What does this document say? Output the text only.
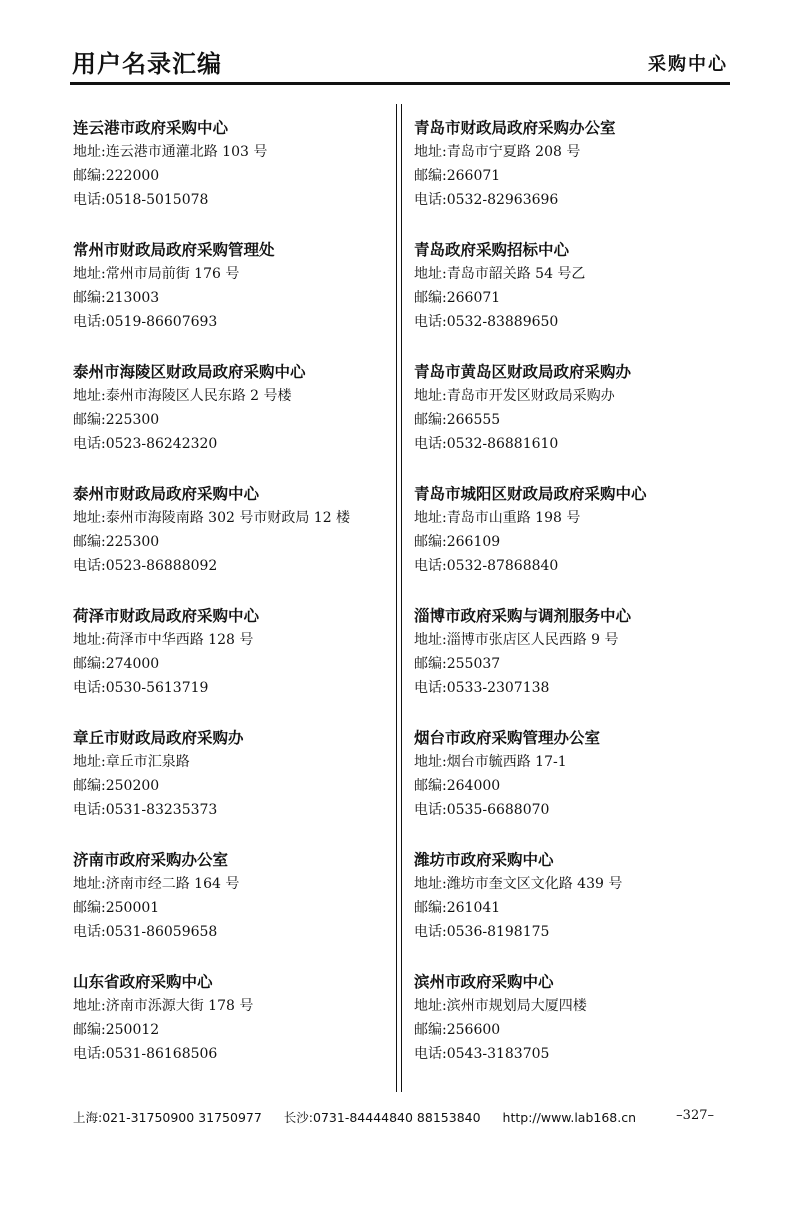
用户名录汇编	采购中心
连云港市政府采购中心
地址:连云港市通灌北路 103 号
邮编:222000
电话:0518-5015078
常州市财政局政府采购管理处
地址:常州市局前街 176 号
邮编:213003
电话:0519-86607693
泰州市海陵区财政局政府采购中心
地址:泰州市海陵区人民东路 2 号楼
邮编:225300
电话:0523-86242320
泰州市财政局政府采购中心
地址:泰州市海陵南路 302 号市财政局 12 楼
邮编:225300
电话:0523-86888092
荷泽市财政局政府采购中心
地址:荷泽市中华西路 128 号
邮编:274000
电话:0530-5613719
章丘市财政局政府采购办
地址:章丘市汇泉路
邮编:250200
电话:0531-83235373
济南市政府采购办公室
地址:济南市经二路 164 号
邮编:250001
电话:0531-86059658
山东省政府采购中心
地址:济南市泺源大街 178 号
邮编:250012
电话:0531-86168506
青岛市财政局政府采购办公室
地址:青岛市宁夏路 208 号
邮编:266071
电话:0532-82963696
青岛政府采购招标中心
地址:青岛市韶关路 54 号乙
邮编:266071
电话:0532-83889650
青岛市黄岛区财政局政府采购办
地址:青岛市开发区财政局采购办
邮编:266555
电话:0532-86881610
青岛市城阳区财政局政府采购中心
地址:青岛市山重路 198 号
邮编:266109
电话:0532-87868840
淄博市政府采购与调剂服务中心
地址:淄博市张店区人民西路 9 号
邮编:255037
电话:0533-2307138
烟台市政府采购管理办公室
地址:烟台市毓西路 17-1
邮编:264000
电话:0535-6688070
潍坊市政府采购中心
地址:潍坊市奎文区文化路 439 号
邮编:261041
电话:0536-8198175
滨州市政府采购中心
地址:滨州市规划局大厦四楼
邮编:256600
电话:0543-3183705
上海:021-31750900 31750977 长沙:0731-84444840 88153840 http://www.lab168.cn	–327–
